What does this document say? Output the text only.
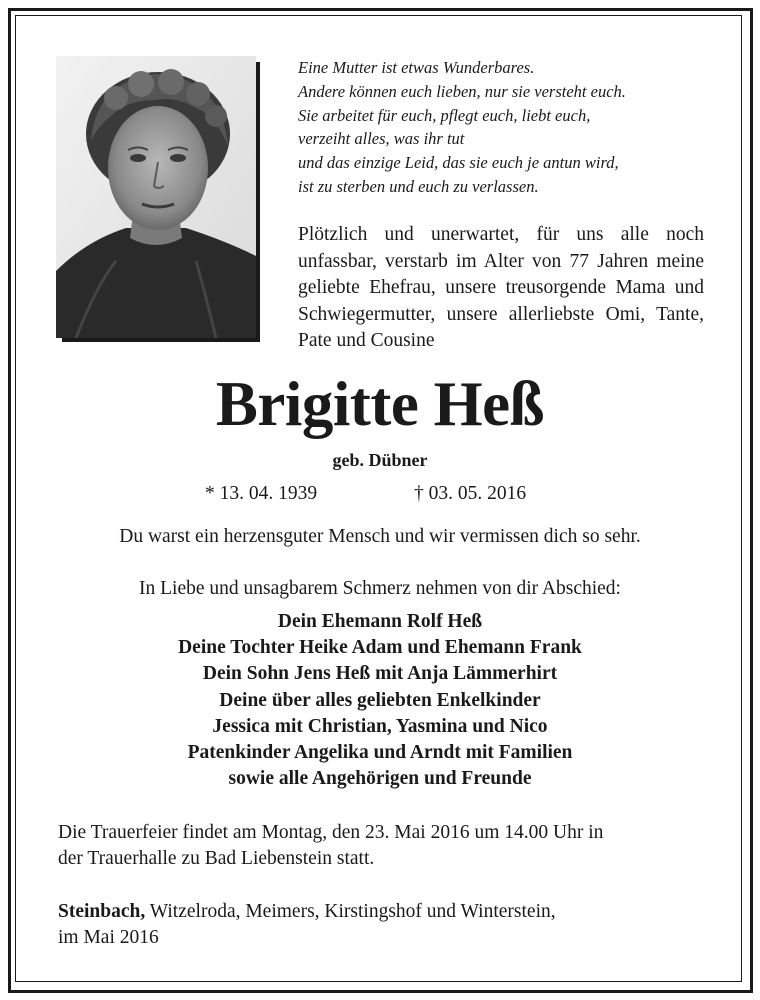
Eine Mutter ist etwas Wunderbares.
Andere können euch lieben, nur sie versteht euch.
Sie arbeitet für euch, pflegt euch, liebt euch,
verzeiht alles, was ihr tut
und das einzige Leid, das sie euch je antun wird,
ist zu sterben und euch zu verlassen.
Plötzlich und unerwartet, für uns alle noch unfassbar, verstarb im Alter von 77 Jahren meine geliebte Ehefrau, unsere treusorgende Mama und Schwiegermutter, unsere allerliebste Omi, Tante, Pate und Cousine
Brigitte Heß
geb. Dübner
* 13. 04. 1939	† 03. 05. 2016
Du warst ein herzensguter Mensch und wir vermissen dich so sehr.
In Liebe und unsagbarem Schmerz nehmen von dir Abschied:
Dein Ehemann Rolf Heß
Deine Tochter Heike Adam und Ehemann Frank
Dein Sohn Jens Heß mit Anja Lämmerhirt
Deine über alles geliebten Enkelkinder
Jessica mit Christian, Yasmina und Nico
Patenkinder Angelika und Arndt mit Familien
sowie alle Angehörigen und Freunde
Die Trauerfeier findet am Montag, den 23. Mai 2016 um 14.00 Uhr in
der Trauerhalle zu Bad Liebenstein statt.
Steinbach, Witzelroda, Meimers, Kirstingshof und Winterstein,
im Mai 2016
